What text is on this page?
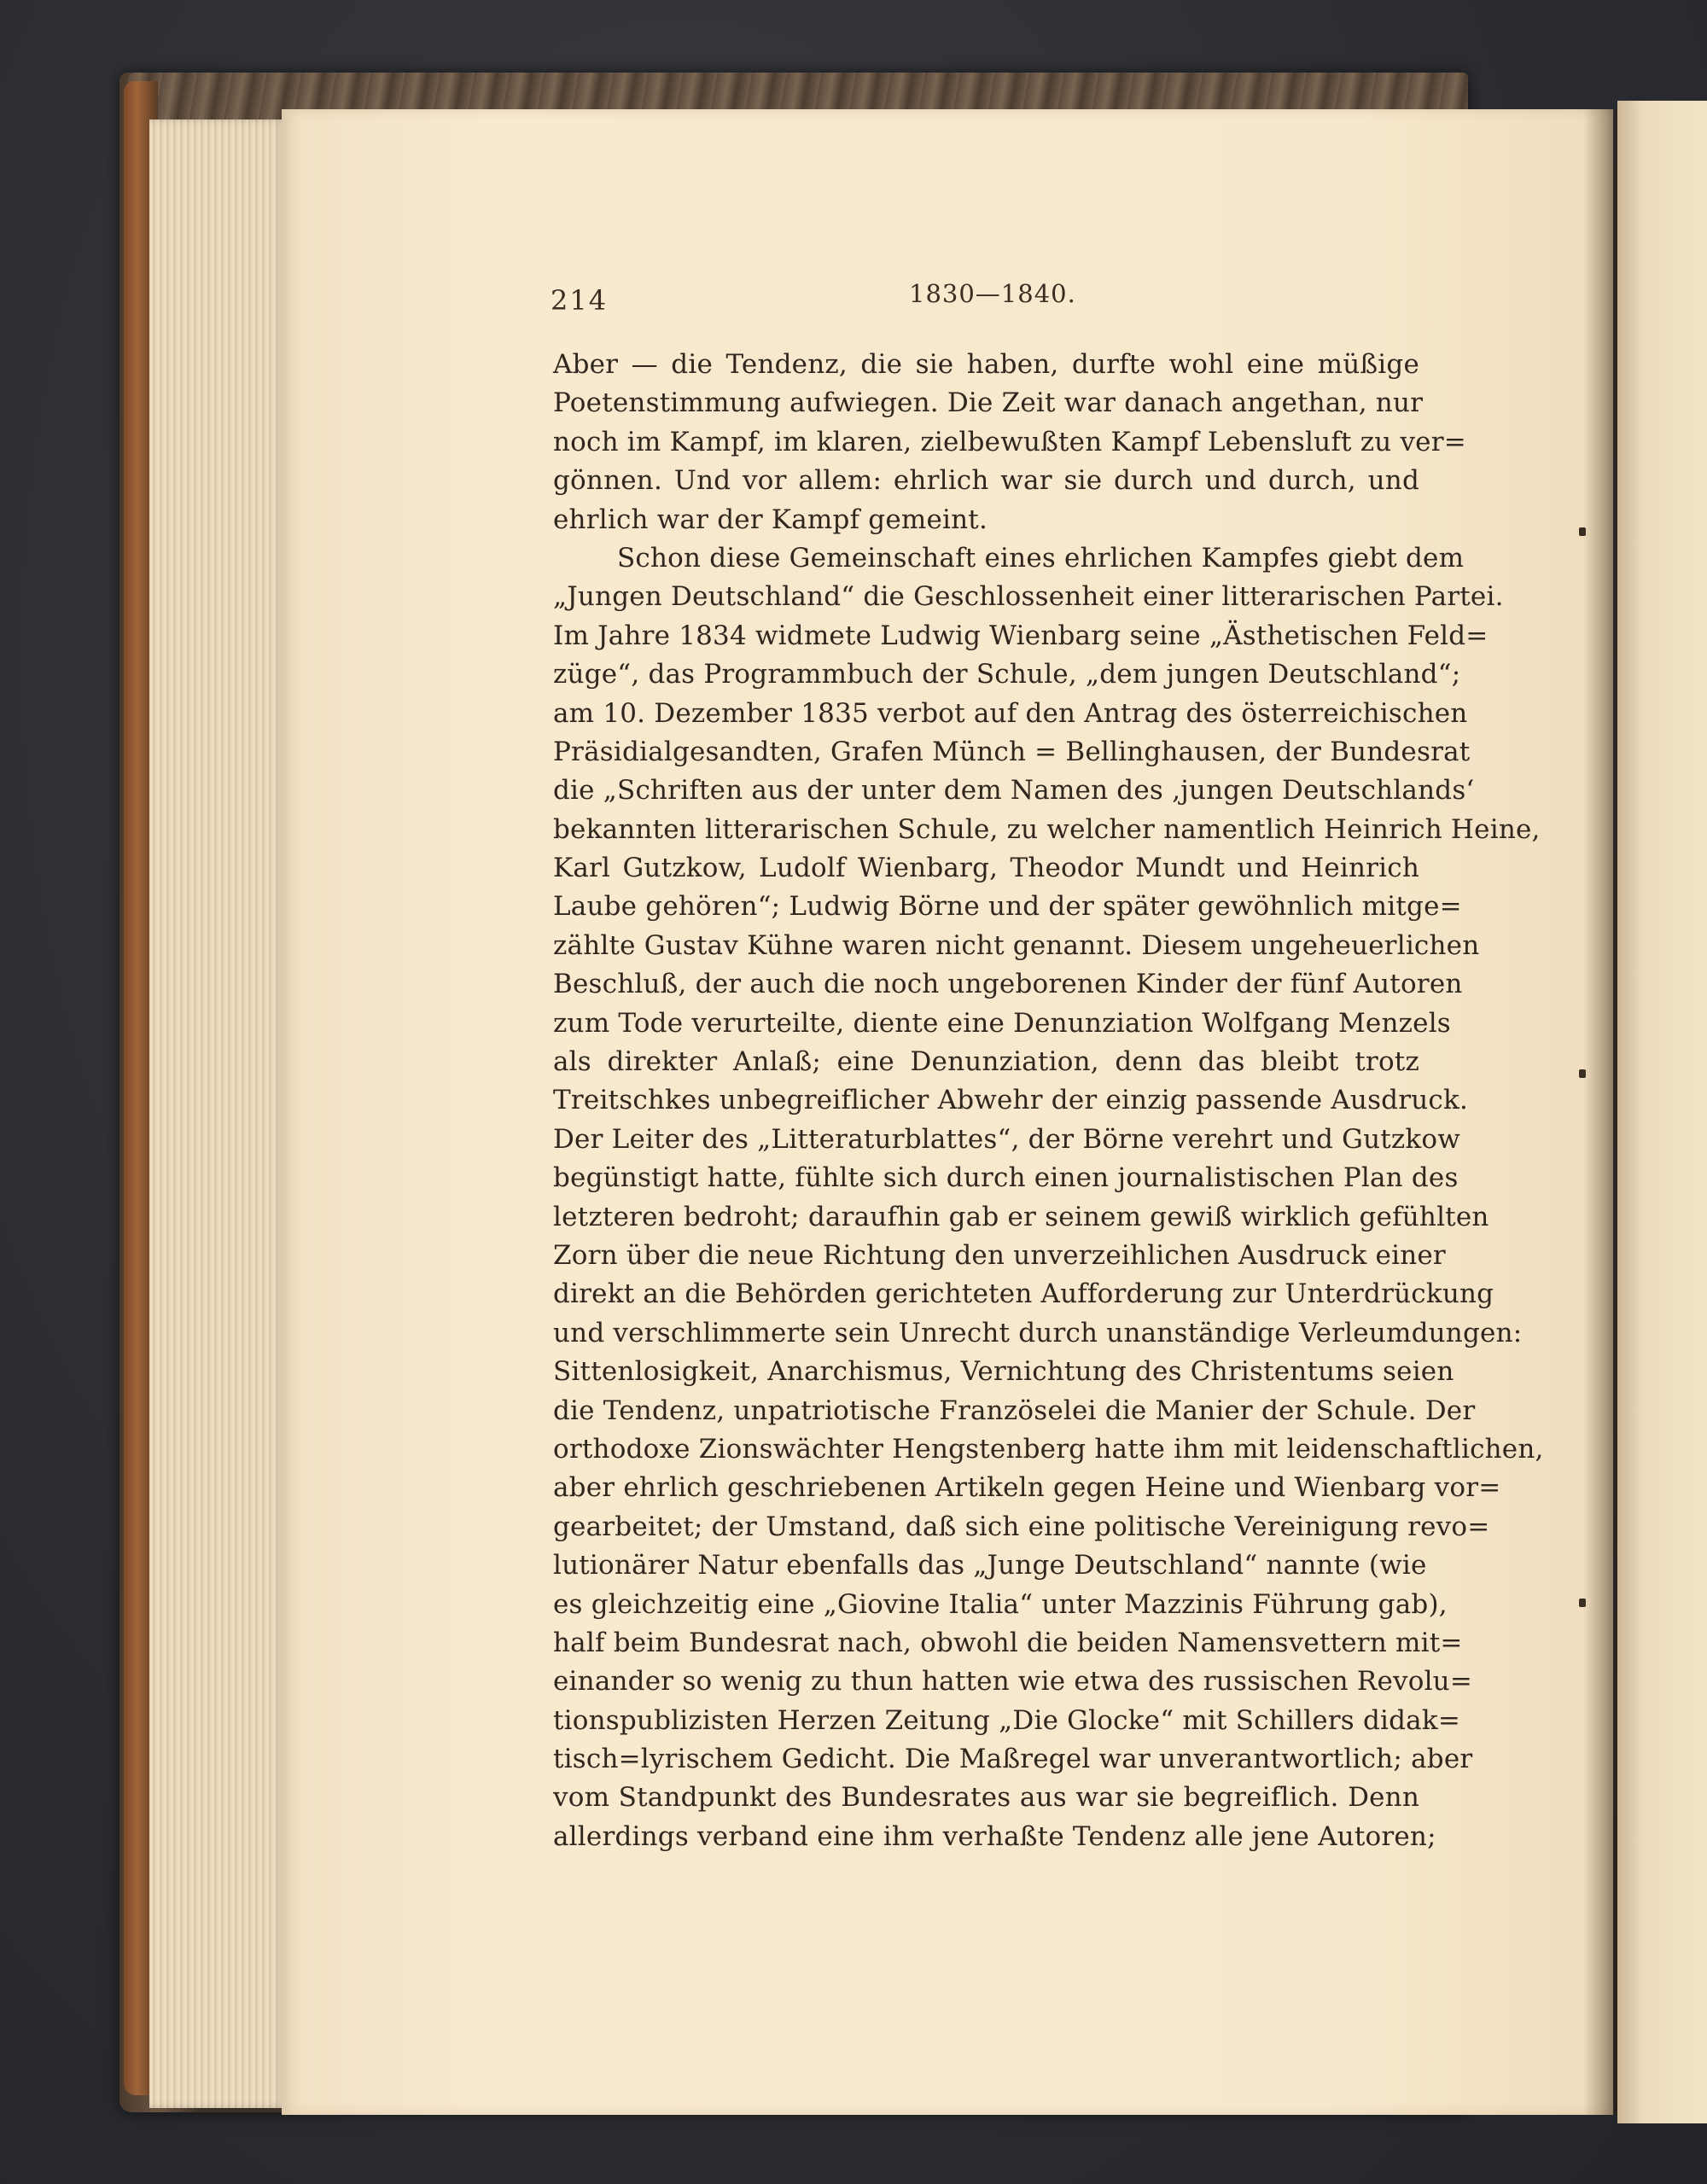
214	1830—1840.
Aber — die Tendenz, die sie haben, durfte wohl eine müßige
Poetenstimmung aufwiegen. Die Zeit war danach angethan, nur
noch im Kampf, im klaren, zielbewußten Kampf Lebensluft zu ver=
gönnen. Und vor allem: ehrlich war sie durch und durch, und
ehrlich war der Kampf gemeint.
Schon diese Gemeinschaft eines ehrlichen Kampfes giebt dem
„Jungen Deutschland“ die Geschlossenheit einer litterarischen Partei.
Im Jahre 1834 widmete Ludwig Wienbarg seine „Ästhetischen Feld=
züge“, das Programmbuch der Schule, „dem jungen Deutschland“;
am 10. Dezember 1835 verbot auf den Antrag des österreichischen
Präsidialgesandten, Grafen Münch = Bellinghausen, der Bundesrat
die „Schriften aus der unter dem Namen des ‚jungen Deutschlands‘
bekannten litterarischen Schule, zu welcher namentlich Heinrich Heine,
Karl Gutzkow, Ludolf Wienbarg, Theodor Mundt und Heinrich
Laube gehören“; Ludwig Börne und der später gewöhnlich mitge=
zählte Gustav Kühne waren nicht genannt. Diesem ungeheuerlichen
Beschluß, der auch die noch ungeborenen Kinder der fünf Autoren
zum Tode verurteilte, diente eine Denunziation Wolfgang Menzels
als direkter Anlaß; eine Denunziation, denn das bleibt trotz
Treitschkes unbegreiflicher Abwehr der einzig passende Ausdruck.
Der Leiter des „Litteraturblattes“, der Börne verehrt und Gutzkow
begünstigt hatte, fühlte sich durch einen journalistischen Plan des
letzteren bedroht; daraufhin gab er seinem gewiß wirklich gefühlten
Zorn über die neue Richtung den unverzeihlichen Ausdruck einer
direkt an die Behörden gerichteten Aufforderung zur Unterdrückung
und verschlimmerte sein Unrecht durch unanständige Verleumdungen:
Sittenlosigkeit, Anarchismus, Vernichtung des Christentums seien
die Tendenz, unpatriotische Französelei die Manier der Schule. Der
orthodoxe Zionswächter Hengstenberg hatte ihm mit leidenschaftlichen,
aber ehrlich geschriebenen Artikeln gegen Heine und Wienbarg vor=
gearbeitet; der Umstand, daß sich eine politische Vereinigung revo=
lutionärer Natur ebenfalls das „Junge Deutschland“ nannte (wie
es gleichzeitig eine „Giovine Italia“ unter Mazzinis Führung gab),
half beim Bundesrat nach, obwohl die beiden Namensvettern mit=
einander so wenig zu thun hatten wie etwa des russischen Revolu=
tionspublizisten Herzen Zeitung „Die Glocke“ mit Schillers didak=
tisch=lyrischem Gedicht. Die Maßregel war unverantwortlich; aber
vom Standpunkt des Bundesrates aus war sie begreiflich. Denn
allerdings verband eine ihm verhaßte Tendenz alle jene Autoren;
